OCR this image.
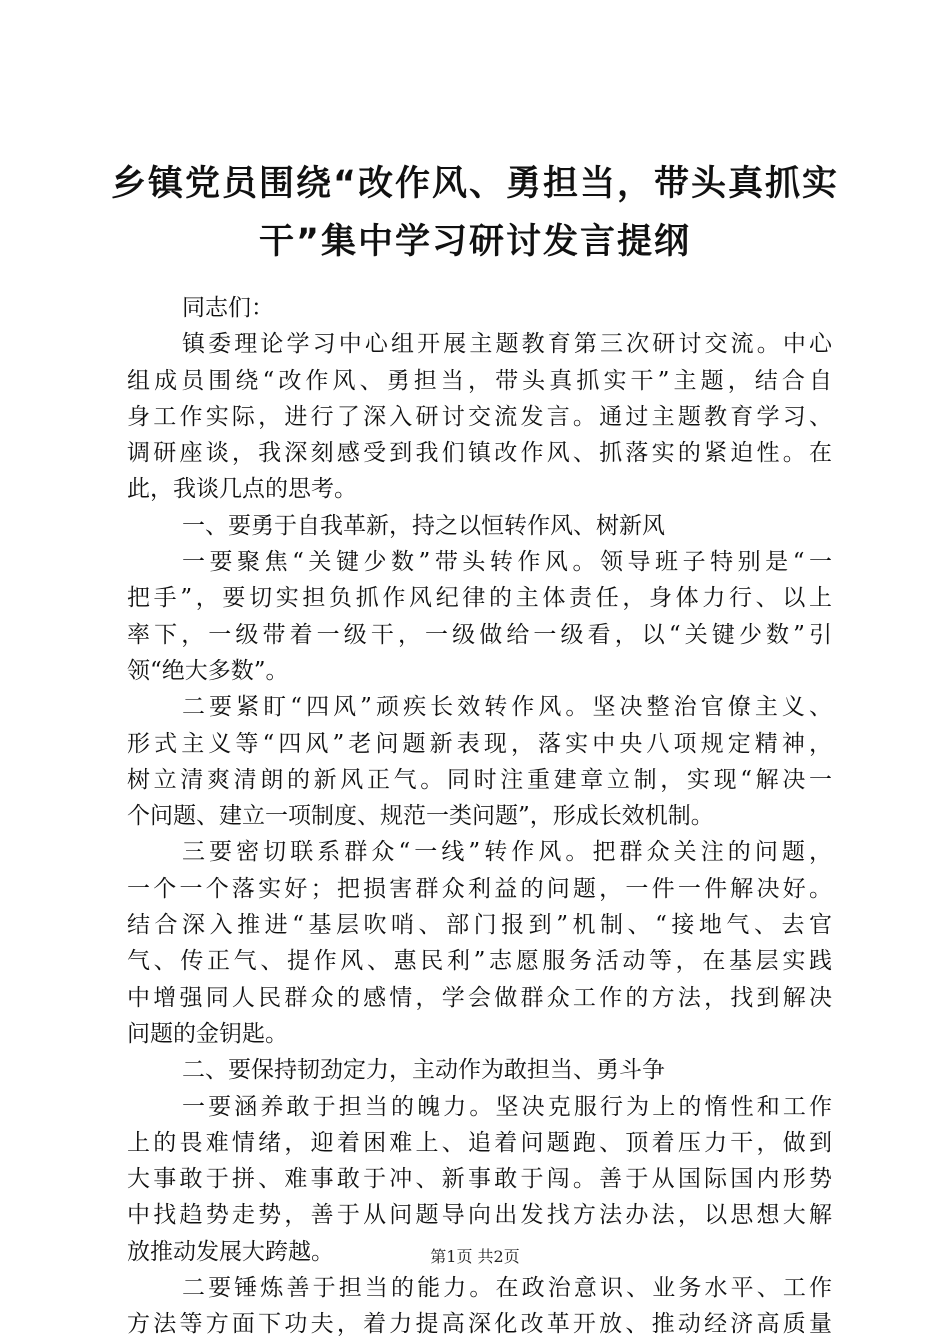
乡镇党员围绕“改作风、勇担当，带头真抓实
干”集中学习研讨发言提纲
同志们：
镇委理论学习中心组开展主题教育第三次研讨交流。中心
组成员围绕“改作风、勇担当，带头真抓实干”主题，结合自
身工作实际，进行了深入研讨交流发言。通过主题教育学习、
调研座谈，我深刻感受到我们镇改作风、抓落实的紧迫性。在
此，我谈几点的思考。
一、要勇于自我革新，持之以恒转作风、树新风
一要聚焦“关键少数”带头转作风。领导班子特别是“一
把手”，要切实担负抓作风纪律的主体责任，身体力行、以上
率下，一级带着一级干，一级做给一级看，以“关键少数”引
领“绝大多数”。
二要紧盯“四风”顽疾长效转作风。坚决整治官僚主义、
形式主义等“四风”老问题新表现，落实中央八项规定精神，
树立清爽清朗的新风正气。同时注重建章立制，实现“解决一
个问题、建立一项制度、规范一类问题”，形成长效机制。
三要密切联系群众“一线”转作风。把群众关注的问题，
一个一个落实好；把损害群众利益的问题，一件一件解决好。
结合深入推进“基层吹哨、部门报到”机制、“接地气、去官
气、传正气、提作风、惠民利”志愿服务活动等，在基层实践
中增强同人民群众的感情，学会做群众工作的方法，找到解决
问题的金钥匙。
二、要保持韧劲定力，主动作为敢担当、勇斗争
一要涵养敢于担当的魄力。坚决克服行为上的惰性和工作
上的畏难情绪，迎着困难上、追着问题跑、顶着压力干，做到
大事敢于拼、难事敢于冲、新事敢于闯。善于从国际国内形势
中找趋势走势，善于从问题导向出发找方法办法，以思想大解
放推动发展大跨越。
二要锤炼善于担当的能力。在政治意识、业务水平、工作
方法等方面下功夫，着力提高深化改革开放、推动经济高质量
第1页 共2页
